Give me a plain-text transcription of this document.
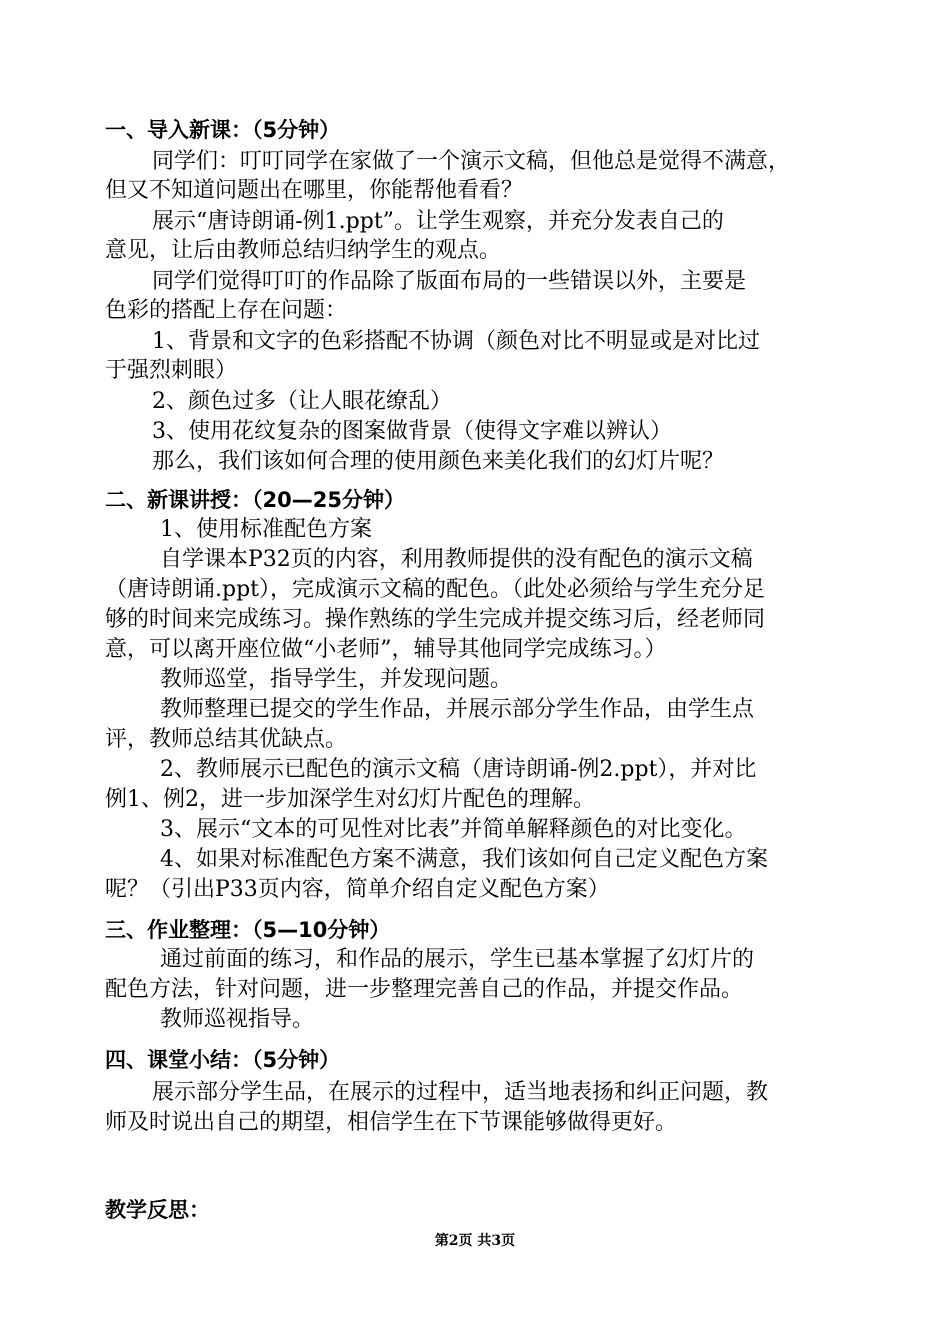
一、导入新课：（5分钟）
同学们：叮叮同学在家做了一个演示文稿，但他总是觉得不满意，
但又不知道问题出在哪里，你能帮他看看？
展示“唐诗朗诵-例1.ppt”。让学生观察，并充分发表自己的
意见，让后由教师总结归纳学生的观点。
同学们觉得叮叮的作品除了版面布局的一些错误以外，主要是
色彩的搭配上存在问题：
1、背景和文字的色彩搭配不协调（颜色对比不明显或是对比过
于强烈刺眼）
2、颜色过多（让人眼花缭乱）
3、使用花纹复杂的图案做背景（使得文字难以辨认）
那么，我们该如何合理的使用颜色来美化我们的幻灯片呢？
二、新课讲授：（20—25分钟）
1、使用标准配色方案
自学课本P32页的内容，利用教师提供的没有配色的演示文稿
（唐诗朗诵.ppt），完成演示文稿的配色。（此处必须给与学生充分足
够的时间来完成练习。操作熟练的学生完成并提交练习后，经老师同
意，可以离开座位做“小老师”，辅导其他同学完成练习。）
教师巡堂，指导学生，并发现问题。
教师整理已提交的学生作品，并展示部分学生作品，由学生点
评，教师总结其优缺点。
2、教师展示已配色的演示文稿（唐诗朗诵-例2.ppt），并对比
例1、例2，进一步加深学生对幻灯片配色的理解。
3、展示“文本的可见性对比表”并简单解释颜色的对比变化。
4、如果对标准配色方案不满意，我们该如何自己定义配色方案
呢？（引出P33页内容，简单介绍自定义配色方案）
三、作业整理：（5—10分钟）
通过前面的练习，和作品的展示，学生已基本掌握了幻灯片的
配色方法，针对问题，进一步整理完善自己的作品，并提交作品。
教师巡视指导。
四、课堂小结：（5分钟）
展示部分学生品，在展示的过程中，适当地表扬和纠正问题，教
师及时说出自己的期望，相信学生在下节课能够做得更好。
教学反思：
第2页 共3页
